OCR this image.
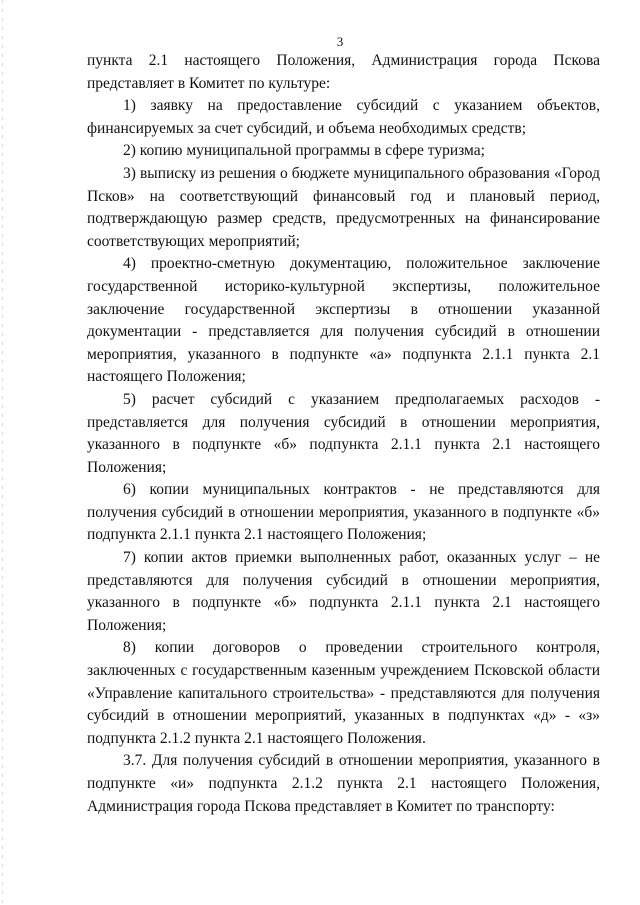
3

пункта 2.1 настоящего Положения, Администрация города Пскова представляет в Комитет по культуре:

1) заявку на предоставление субсидий с указанием объектов, финансируемых за счет субсидий, и объема необходимых средств;

2) копию муниципальной программы в сфере туризма;

3) выписку из решения о бюджете муниципального образования «Город Псков» на соответствующий финансовый год и плановый период, подтверждающую размер средств, предусмотренных на финансирование соответствующих мероприятий;

4) проектно-сметную документацию, положительное заключение государственной историко-культурной экспертизы, положительное заключение государственной экспертизы в отношении указанной документации - представляется для получения субсидий в отношении мероприятия, указанного в подпункте «а» подпункта 2.1.1 пункта 2.1 настоящего Положения;

5) расчет субсидий с указанием предполагаемых расходов - представляется для получения субсидий в отношении мероприятия, указанного в подпункте «б» подпункта 2.1.1 пункта 2.1 настоящего Положения;

6) копии муниципальных контрактов - не представляются для получения субсидий в отношении мероприятия, указанного в подпункте «б» подпункта 2.1.1 пункта 2.1 настоящего Положения;

7) копии актов приемки выполненных работ, оказанных услуг – не представляются для получения субсидий в отношении мероприятия, указанного в подпункте «б» подпункта 2.1.1 пункта 2.1 настоящего Положения;

8) копии договоров о проведении строительного контроля, заключенных с государственным казенным учреждением Псковской области «Управление капитального строительства» - представляются для получения субсидий в отношении мероприятий, указанных в подпунктах «д» - «з» подпункта 2.1.2 пункта 2.1 настоящего Положения.

3.7. Для получения субсидий в отношении мероприятия, указанного в подпункте «и» подпункта 2.1.2 пункта 2.1 настоящего Положения, Администрация города Пскова представляет в Комитет по транспорту:
